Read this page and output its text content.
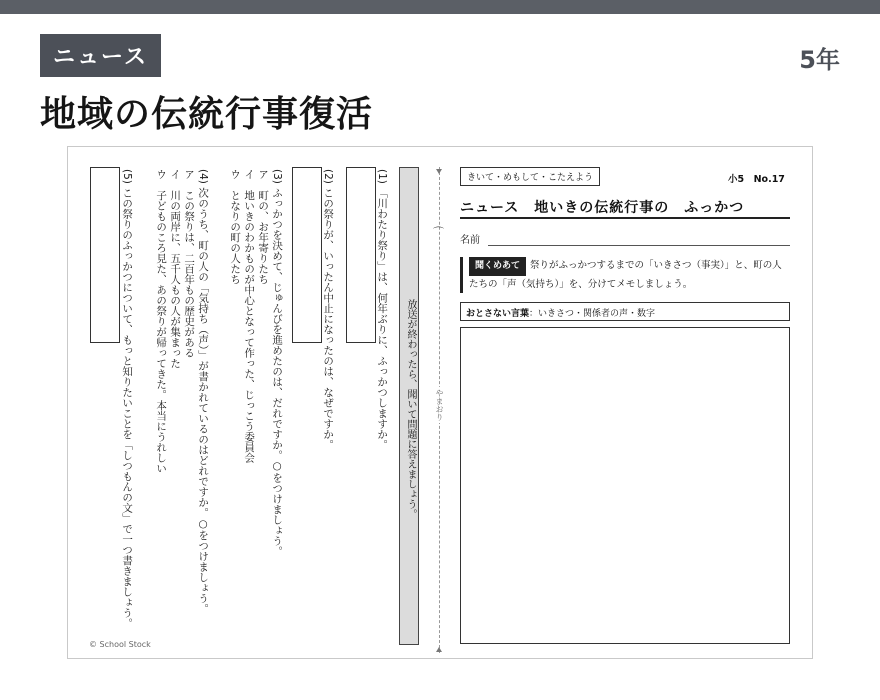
ニュース	5年
地域の伝統行事復活
放送が終わったら、聞いて問題に答えましょう。
(1) 「川わたり祭り」は、何年ぶりに、ふっかつしますか。
(2) この祭りが、いったん中止になったのは、なぜですか。
(3) ふっかつを決めて、じゅんびを進めたのは、だれですか。○をつけましょう。
ア　町の、お年寄りたち
イ　地いきのわかものが中心となって作った、じっこう委員会
ウ　となりの町の人たち
(4) 次のうち、町の人の「気持ち（声）」が書かれているのはどれですか。○をつけましょう。
ア　この祭りは、二百年もの歴史がある
イ　川の両岸に、五千人もの人が集まった
ウ　子どものころ見た、あの祭りが帰ってきた。本当にうれしい
(5) この祭りのふっかつについて、もっと知りたいことを「しつもんの文」で一つ書きましょう。
© School Stock
⌒
やまおり
きいて・めもして・こたえよう	小5　No.17
ニュース　地いきの伝統行事の　ふっかつ
名前
聞くめあて 祭りがふっかつするまでの「いきさつ（事実）」と、町の人たちの「声（気持ち）」を、分けてメモしましょう。
おとさない言葉：いきさつ・関係者の声・数字
